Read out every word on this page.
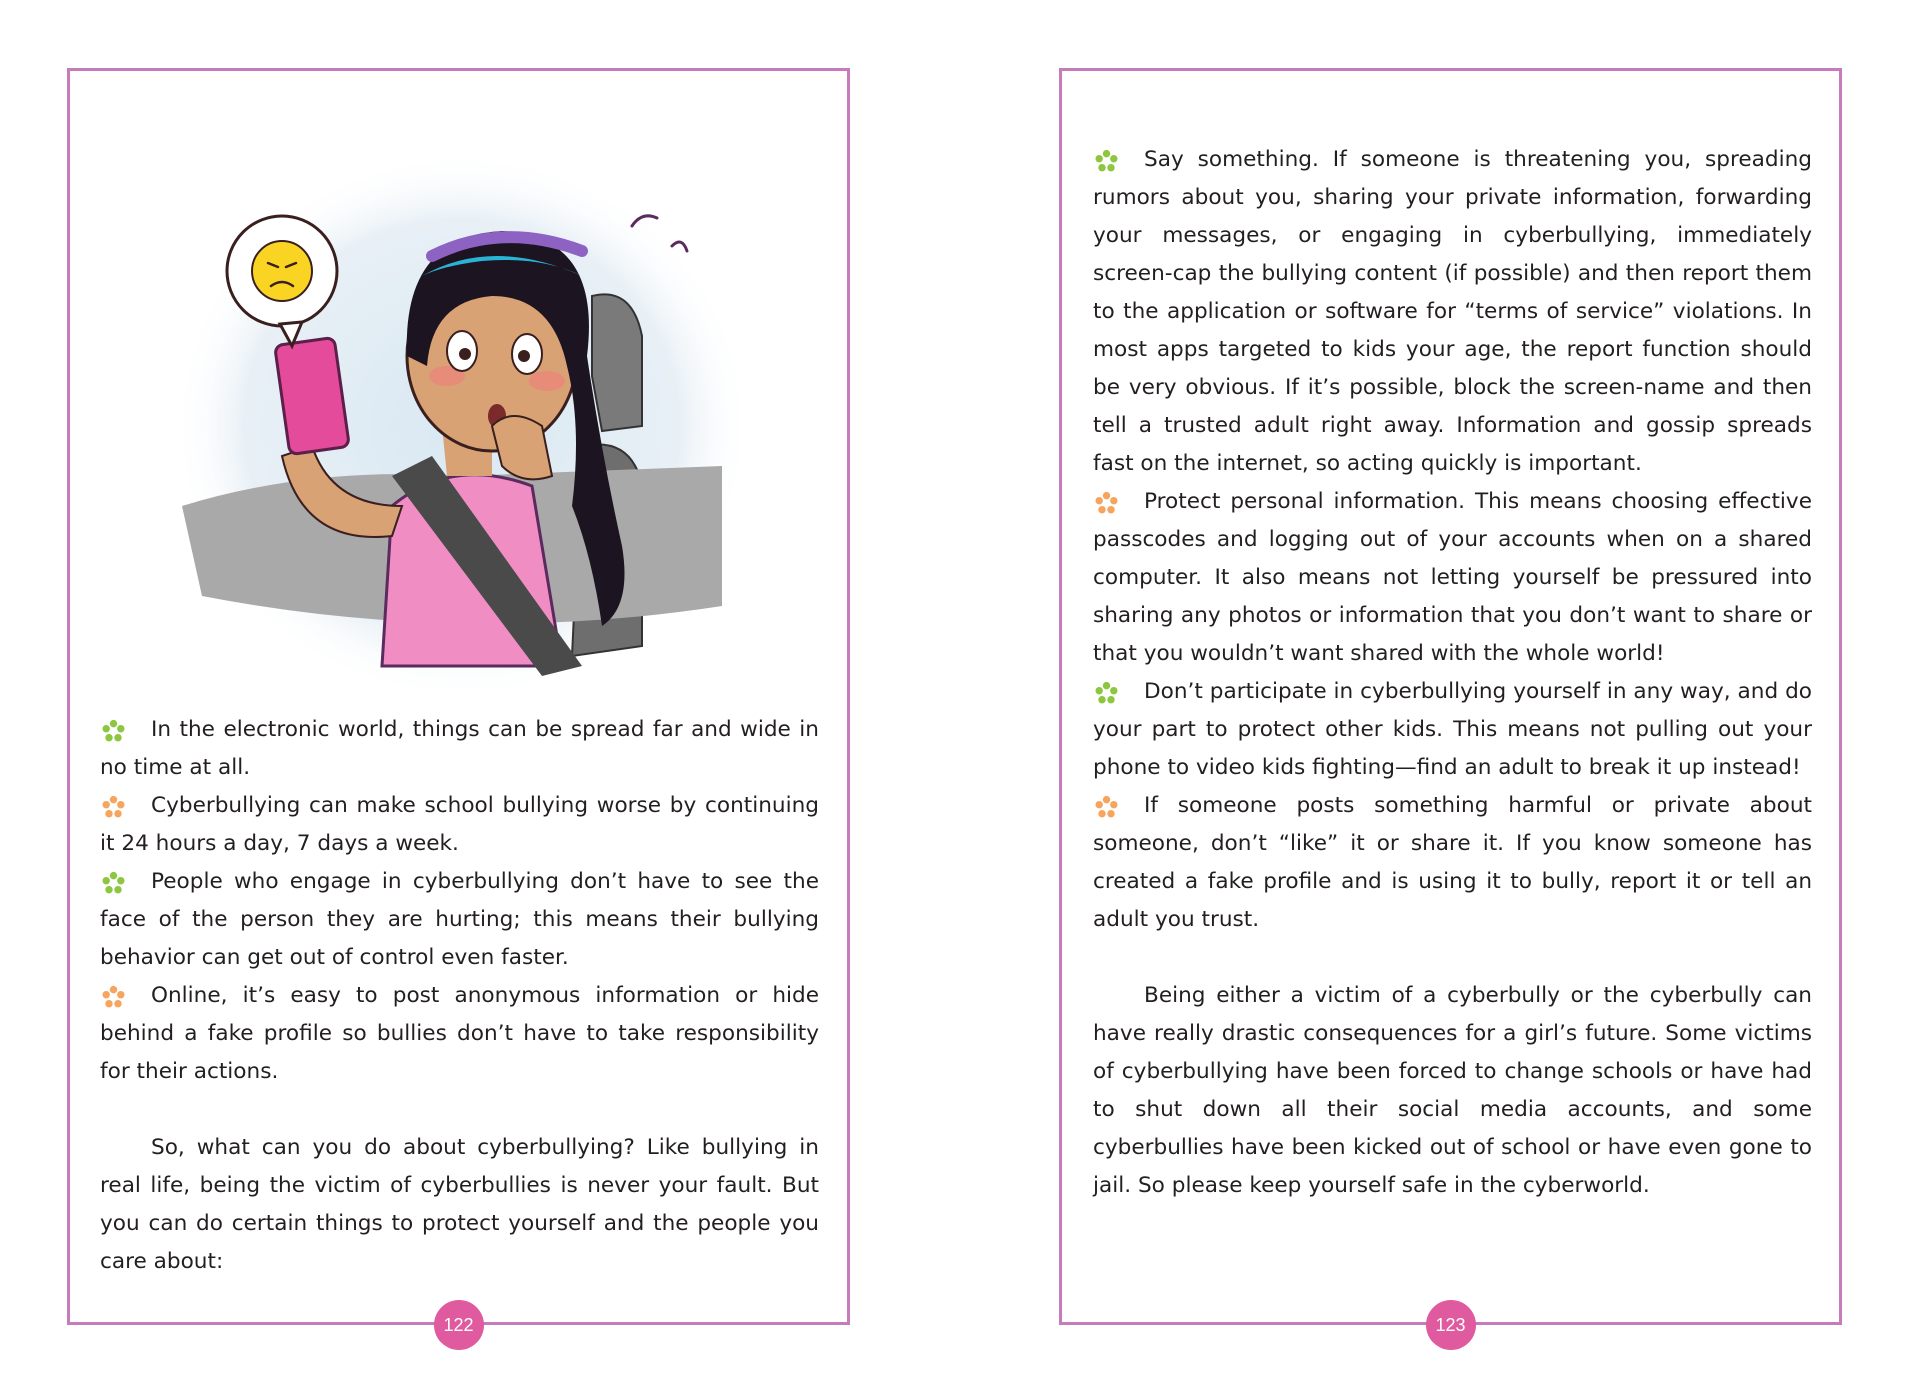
In the electronic world, things can be spread far and wide in no time at all.

Cyberbullying can make school bullying worse by continuing it 24 hours a day, 7 days a week.

People who engage in cyberbullying don’t have to see the face of the person they are hurting; this means their bullying behavior can get out of control even faster.

Online, it’s easy to post anonymous information or hide behind a fake profile so bullies don’t have to take responsibility for their actions.

So, what can you do about cyberbullying? Like bullying in real life, being the victim of cyberbullies is never your fault. But you can do certain things to protect yourself and the people you care about:

122

Say something. If someone is threatening you, spreading rumors about you, sharing your private information, forwarding your messages, or engaging in cyberbullying, immediately screen-cap the bullying content (if possible) and then report them to the application or software for “terms of service” violations. In most apps targeted to kids your age, the report function should be very obvious. If it’s possible, block the screen-name and then tell a trusted adult right away. Information and gossip spreads fast on the internet, so acting quickly is important.

Protect personal information. This means choosing effective passcodes and logging out of your accounts when on a shared computer. It also means not letting yourself be pressured into sharing any photos or information that you don’t want to share or that you wouldn’t want shared with the whole world!

Don’t participate in cyberbullying yourself in any way, and do your part to protect other kids. This means not pulling out your phone to video kids fighting—find an adult to break it up instead!

If someone posts something harmful or private about someone, don’t “like” it or share it. If you know someone has created a fake profile and is using it to bully, report it or tell an adult you trust.

Being either a victim of a cyberbully or the cyberbully can have really drastic consequences for a girl’s future. Some victims of cyberbullying have been forced to change schools or have had to shut down all their social media accounts, and some cyberbullies have been kicked out of school or have even gone to jail. So please keep yourself safe in the cyberworld.

123
